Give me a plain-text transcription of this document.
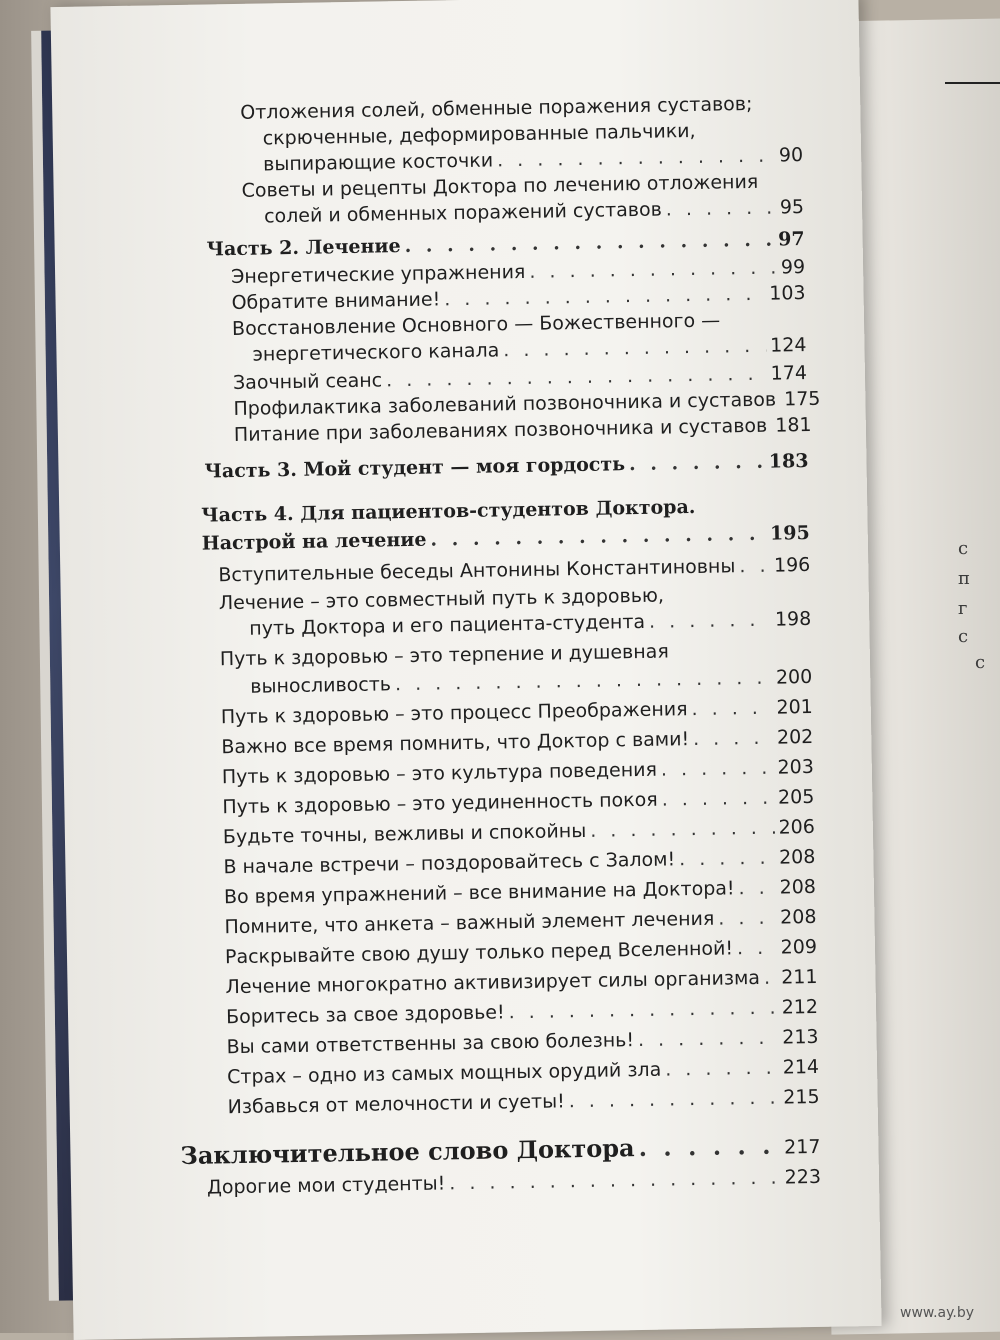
с
п
г
с
с
Отложения солей, обменные поражения суставов;
скрюченные, деформированные пальчики,
выпирающие косточки . . .	90
Советы и рецепты Доктора по лечению отложения
солей и обменных поражений суставов . . .	95
Часть 2. Лечение . . .	97
Энергетические упражнения . . .	99
Обратите внимание! . . .	103
Восстановление Основного — Божественного —
энергетического канала . . .	124
Заочный сеанс . . .	174
Профилактика заболеваний позвоночника и суставов . . . 175
Питание при заболеваниях позвоночника и суставов . . . 181
Часть 3. Мой студент — моя гордость . . .	183
Часть 4. Для пациентов-студентов Доктора.
Настрой на лечение . . .	195
Вступительные беседы Антонины Константиновны . . . 196
Лечение – это совместный путь к здоровью,
путь Доктора и его пациента-студента . . .	198
Путь к здоровью – это терпение и душевная
выносливость . . .	200
Путь к здоровью – это процесс Преображения . . .	201
Важно все время помнить, что Доктор с вами! . . .	202
Путь к здоровью – это культура поведения . . .	203
Путь к здоровью – это уединенность покоя . . .	205
Будьте точны, вежливы и спокойны . . .	206
В начале встречи – поздоровайтесь с Залом! . . .	208
Во время упражнений – все внимание на Доктора! . . . 208
Помните, что анкета – важный элемент лечения . . .	208
Раскрывайте свою душу только перед Вселенной! . . . 209
Лечение многократно активизирует силы организма . . . 211
Боритесь за свое здоровье! . . .	212
Вы сами ответственны за свою болезнь! . . .	213
Страх – одно из самых мощных орудий зла . . .	214
Избавься от мелочности и суеты! . . .	215
Заключительное слово Доктора . . .	217
Дорогие мои студенты! . . .	223
www.ay.by
